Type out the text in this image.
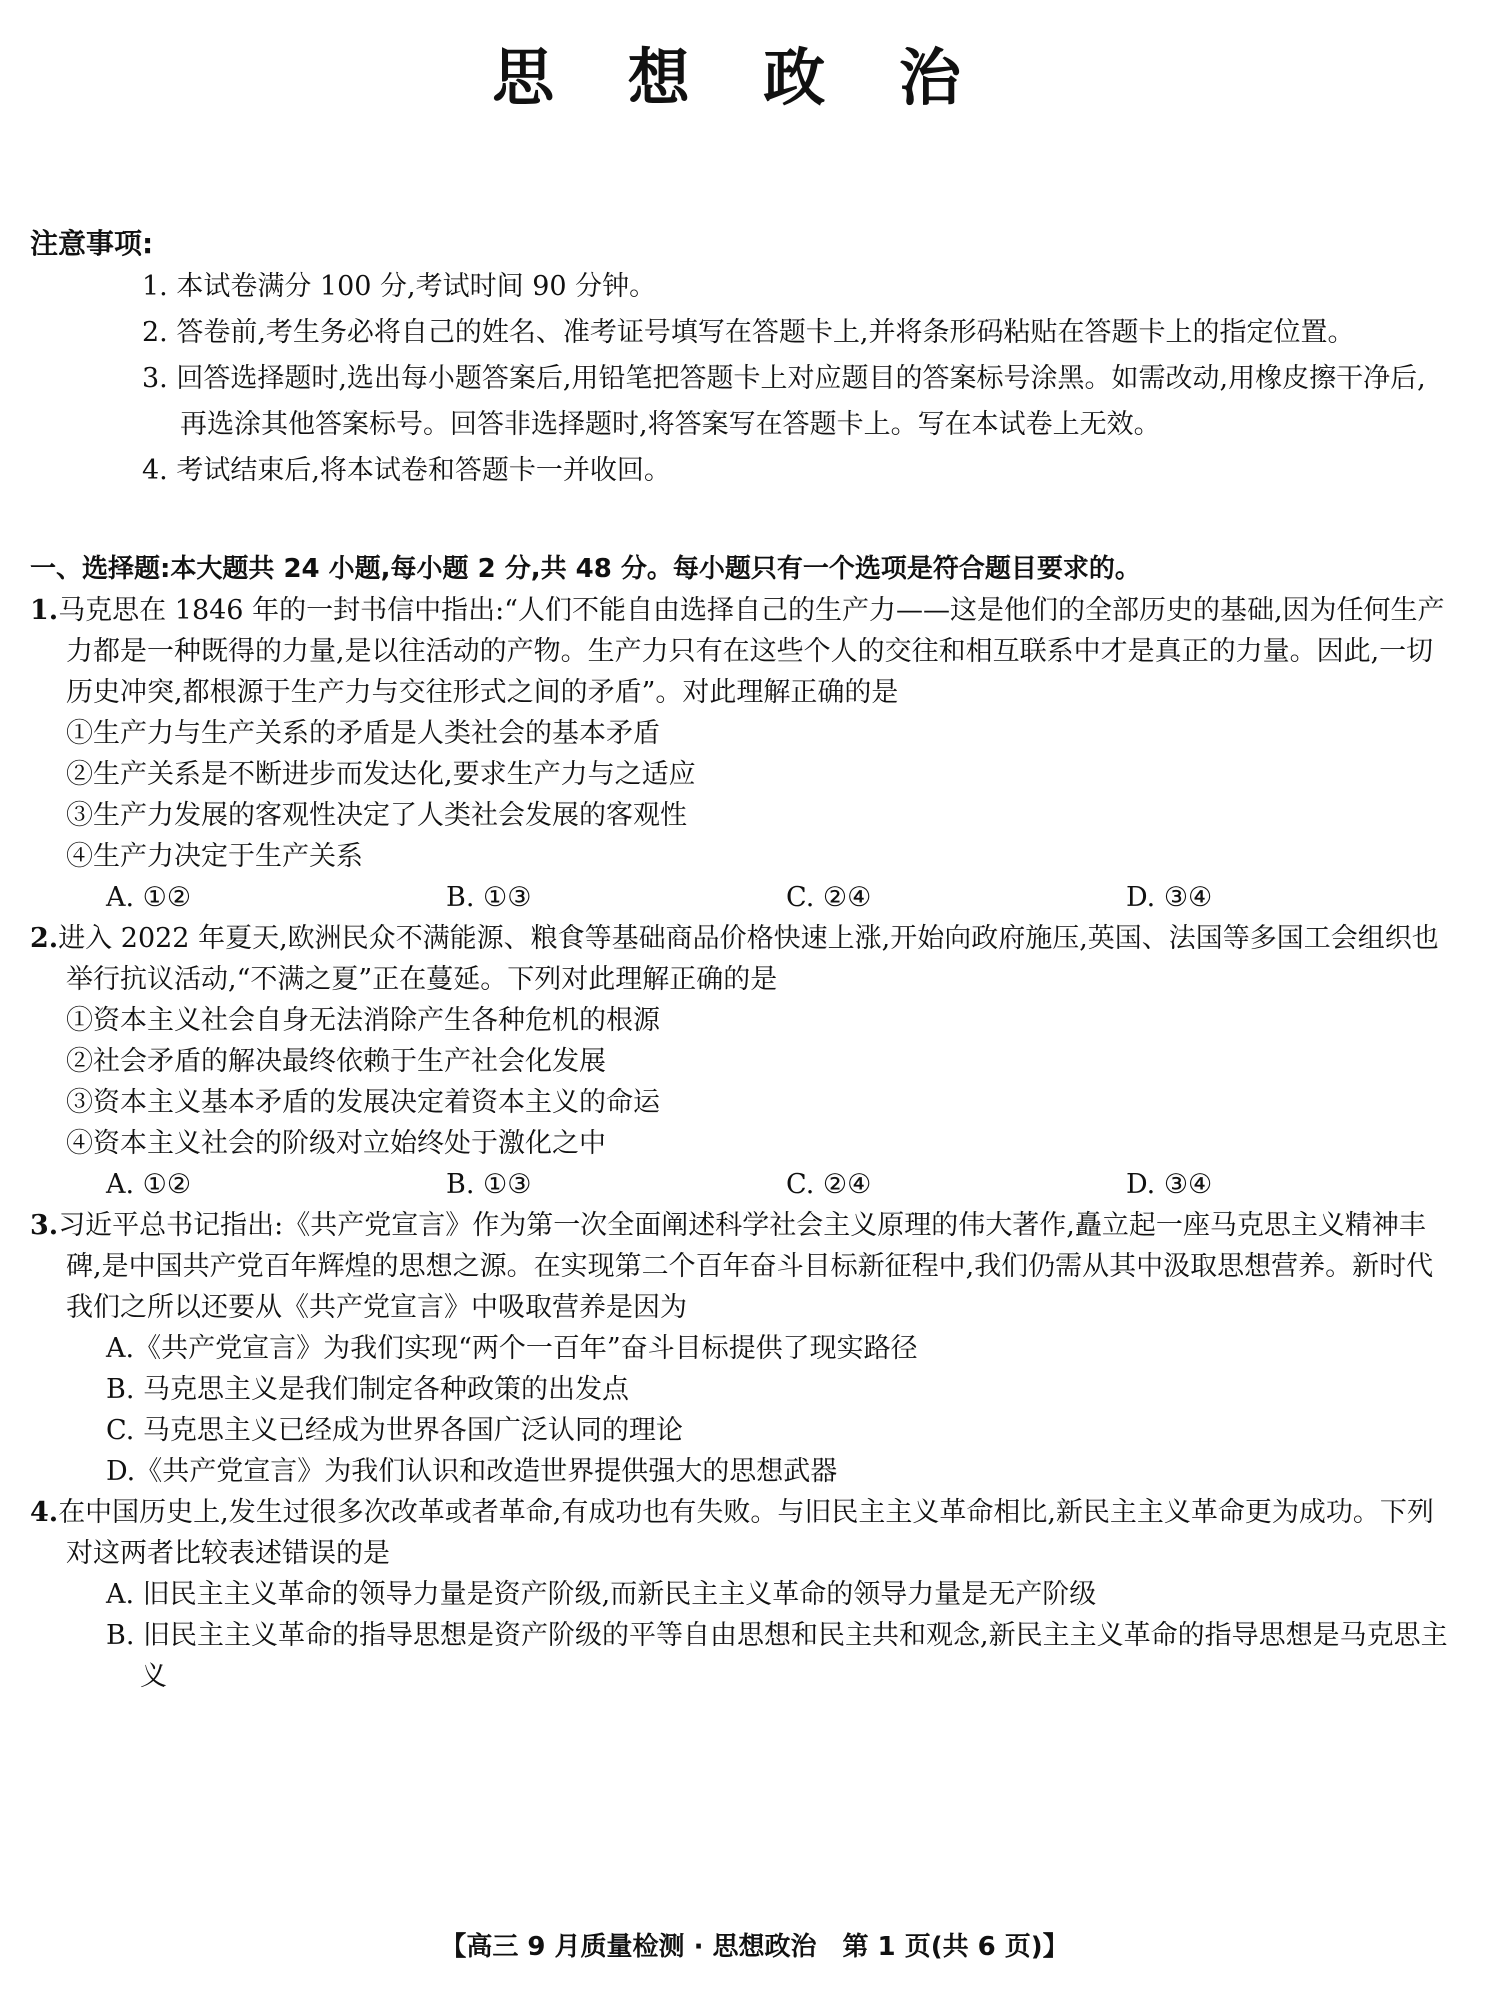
思 想 政 治
注意事项:
1. 本试卷满分 100 分,考试时间 90 分钟。
2. 答卷前,考生务必将自己的姓名、准考证号填写在答题卡上,并将条形码粘贴在答题卡上的指定位置。
3. 回答选择题时,选出每小题答案后,用铅笔把答题卡上对应题目的答案标号涂黑。如需改动,用橡皮擦干净后,再选涂其他答案标号。回答非选择题时,将答案写在答题卡上。写在本试卷上无效。
4. 考试结束后,将本试卷和答题卡一并收回。
一、选择题:本大题共 24 小题,每小题 2 分,共 48 分。每小题只有一个选项是符合题目要求的。
1.马克思在 1846 年的一封书信中指出:“人们不能自由选择自己的生产力——这是他们的全部历史的基础,因为任何生产力都是一种既得的力量,是以往活动的产物。生产力只有在这些个人的交往和相互联系中才是真正的力量。因此,一切历史冲突,都根源于生产力与交往形式之间的矛盾”。对此理解正确的是
①生产力与生产关系的矛盾是人类社会的基本矛盾
②生产关系是不断进步而发达化,要求生产力与之适应
③生产力发展的客观性决定了人类社会发展的客观性
④生产力决定于生产关系
A. ①②	B. ①③	C. ②④	D. ③④
2.进入 2022 年夏天,欧洲民众不满能源、粮食等基础商品价格快速上涨,开始向政府施压,英国、法国等多国工会组织也举行抗议活动,“不满之夏”正在蔓延。下列对此理解正确的是
①资本主义社会自身无法消除产生各种危机的根源
②社会矛盾的解决最终依赖于生产社会化发展
③资本主义基本矛盾的发展决定着资本主义的命运
④资本主义社会的阶级对立始终处于激化之中
A. ①②	B. ①③	C. ②④	D. ③④
3.习近平总书记指出:《共产党宣言》作为第一次全面阐述科学社会主义原理的伟大著作,矗立起一座马克思主义精神丰碑,是中国共产党百年辉煌的思想之源。在实现第二个百年奋斗目标新征程中,我们仍需从其中汲取思想营养。新时代我们之所以还要从《共产党宣言》中吸取营养是因为
A.《共产党宣言》为我们实现“两个一百年”奋斗目标提供了现实路径
B. 马克思主义是我们制定各种政策的出发点
C. 马克思主义已经成为世界各国广泛认同的理论
D.《共产党宣言》为我们认识和改造世界提供强大的思想武器
4.在中国历史上,发生过很多次改革或者革命,有成功也有失败。与旧民主主义革命相比,新民主主义革命更为成功。下列对这两者比较表述错误的是
A. 旧民主主义革命的领导力量是资产阶级,而新民主主义革命的领导力量是无产阶级
B. 旧民主主义革命的指导思想是资产阶级的平等自由思想和民主共和观念,新民主主义革命的指导思想是马克思主义
【高三 9 月质量检测 · 思想政治　第 1 页(共 6 页)】
